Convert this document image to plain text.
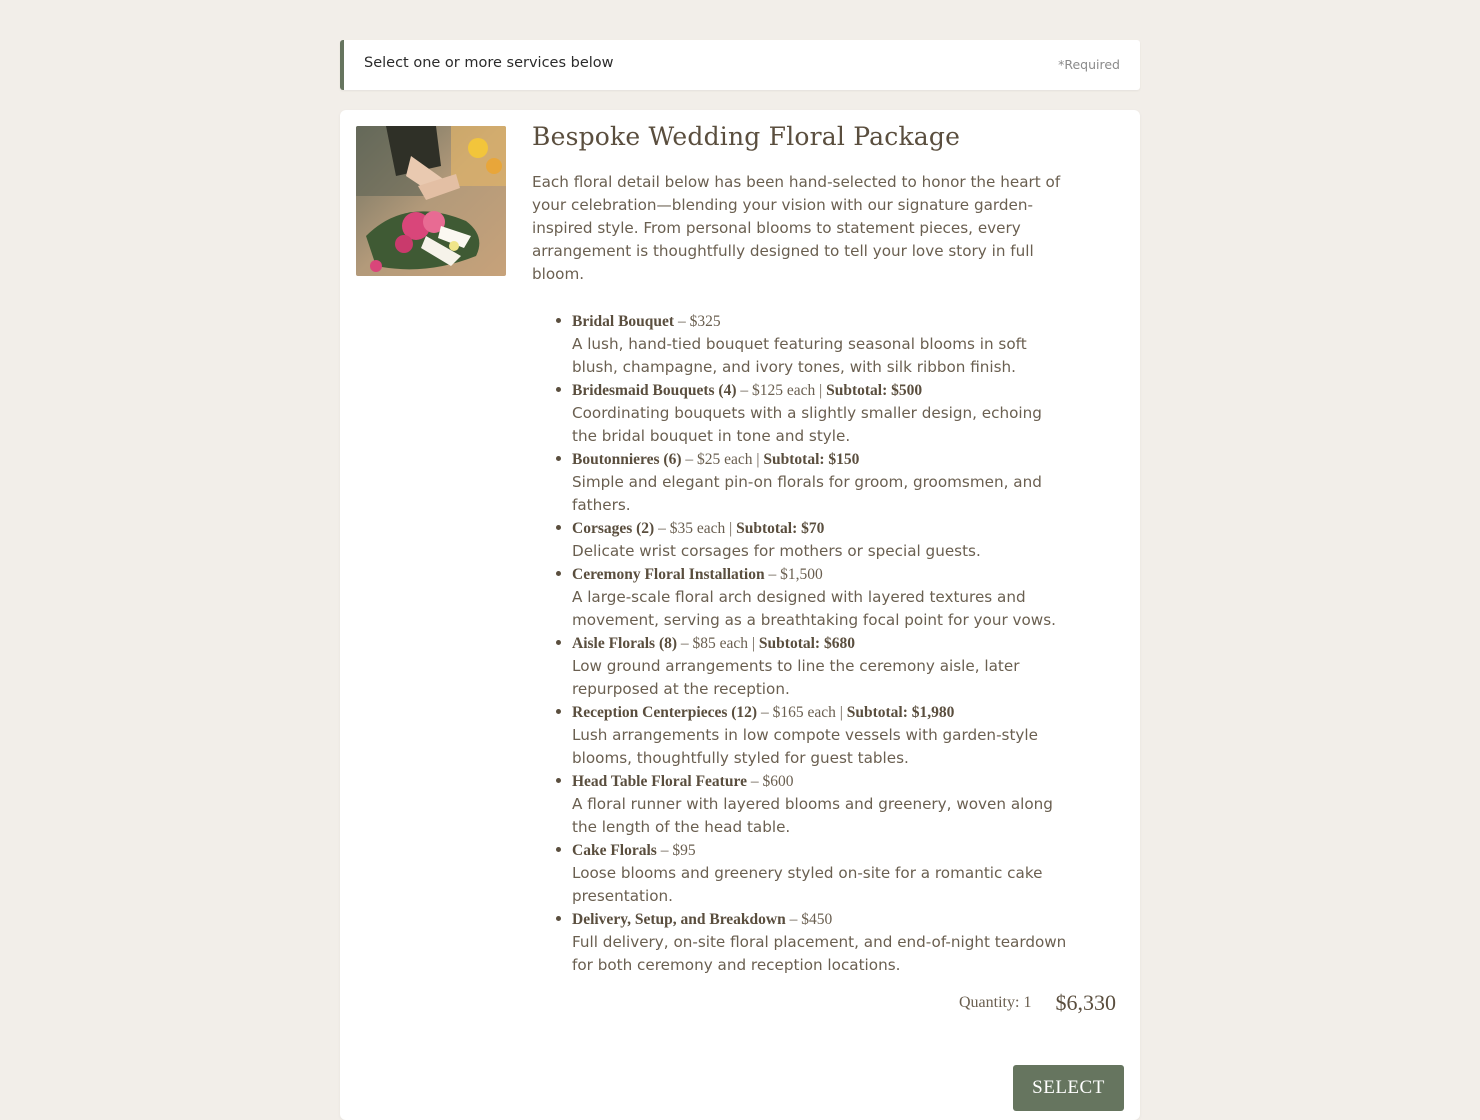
Select one or more services below	*Required
Bespoke Wedding Floral Package

Each floral detail below has been hand-selected to honor the heart of your celebration—blending your vision with our signature garden-inspired style. From personal blooms to statement pieces, every arrangement is thoughtfully designed to tell your love story in full bloom.

Bridal Bouquet – $325
A lush, hand-tied bouquet featuring seasonal blooms in soft blush, champagne, and ivory tones, with silk ribbon finish.
Bridesmaid Bouquets (4) – $125 each | Subtotal: $500
Coordinating bouquets with a slightly smaller design, echoing the bridal bouquet in tone and style.
Boutonnieres (6) – $25 each | Subtotal: $150
Simple and elegant pin-on florals for groom, groomsmen, and fathers.
Corsages (2) – $35 each | Subtotal: $70
Delicate wrist corsages for mothers or special guests.
Ceremony Floral Installation – $1,500
A large-scale floral arch designed with layered textures and movement, serving as a breathtaking focal point for your vows.
Aisle Florals (8) – $85 each | Subtotal: $680
Low ground arrangements to line the ceremony aisle, later repurposed at the reception.
Reception Centerpieces (12) – $165 each | Subtotal: $1,980
Lush arrangements in low compote vessels with garden-style blooms, thoughtfully styled for guest tables.
Head Table Floral Feature – $600
A floral runner with layered blooms and greenery, woven along the length of the head table.
Cake Florals – $95
Loose blooms and greenery styled on-site for a romantic cake presentation.
Delivery, Setup, and Breakdown – $450
Full delivery, on-site floral placement, and end-of-night teardown for both ceremony and reception locations.
Quantity: 1 $6,330
SELECT
